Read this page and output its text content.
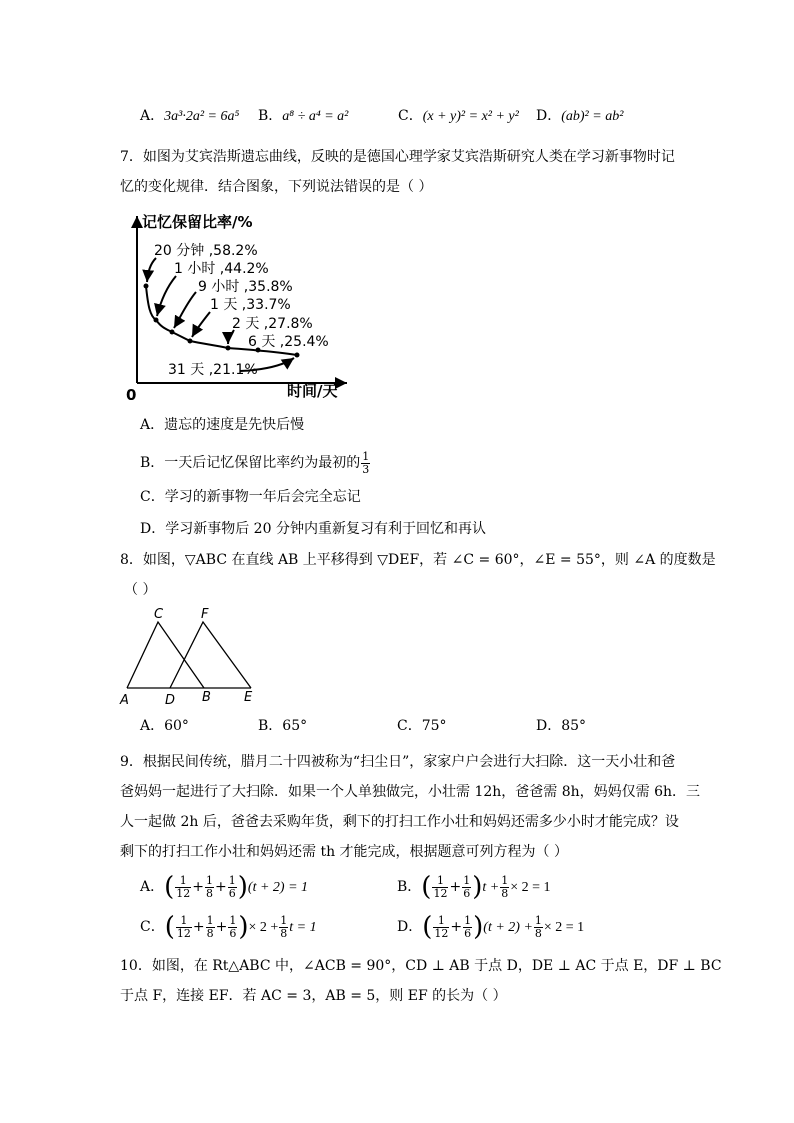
A．3a³·2a² = 6a⁵ B．a⁸ ÷ a⁴ = a²	C．(x + y)² = x² + y² D．(ab)² = ab²
7．如图为艾宾浩斯遗忘曲线，反映的是德国心理学家艾宾浩斯研究人类在学习新事物时记
忆的变化规律．结合图象，下列说法错误的是（ ）
记忆保留比率/%
时间/天
0
20 分钟 ,58.2%
1 小时 ,44.2%
9 小时 ,35.8%
1 天 ,33.7%
2 天 ,27.8%
6 天 ,25.4%
31 天 ,21.1%
A．遗忘的速度是先快后慢
B．一天后记忆保留比率约为最初的 $\frac{1}{3}$
C．学习的新事物一年后会完全忘记
D．学习新事物后 20 分钟内重新复习有利于回忆和再认
8．如图，▽ABC 在直线 AB 上平移得到 ▽DEF，若 ∠C = 60°，∠E = 55°，则 ∠A 的度数是
（ ）
C	F
A	D B	E
A．60°	B．65°	C．75°	D．85°
9．根据民间传统，腊月二十四被称为“扫尘日”，家家户户会进行大扫除．这一天小壮和爸
爸妈妈一起进行了大扫除．如果一个人单独做完，小壮需 12h，爸爸需 8h，妈妈仅需 6h．三
人一起做 2h 后，爸爸去采购年货，剩下的打扫工作小壮和妈妈还需多少小时才能完成？设
剩下的打扫工作小壮和妈妈还需 th 才能完成，根据题意可列方程为（ ）
A．( $\frac{1}{12} + \frac{1}{8} + \frac{1}{6} )(t + 2) = 1$	B．( $\frac{1}{12} + \frac{1}{6} )t + \frac{1}{8} \times 2 = 1$
C．( $\frac{1}{12} + \frac{1}{8} + \frac{1}{6}$ )× $2 + \frac{1}{8}$ t = 1	D．( $\frac{1}{12} + \frac{1}{6} )(t + 2) + \frac{1}{8} \times 2 = 1$
10．如图，在 Rt△ABC 中，∠ACB = 90°，CD ⊥ AB 于点 D，DE ⊥ AC 于点 E，DF ⊥ BC
于点 F，连接 EF．若 AC = 3，AB = 5，则 EF 的长为（ ）
